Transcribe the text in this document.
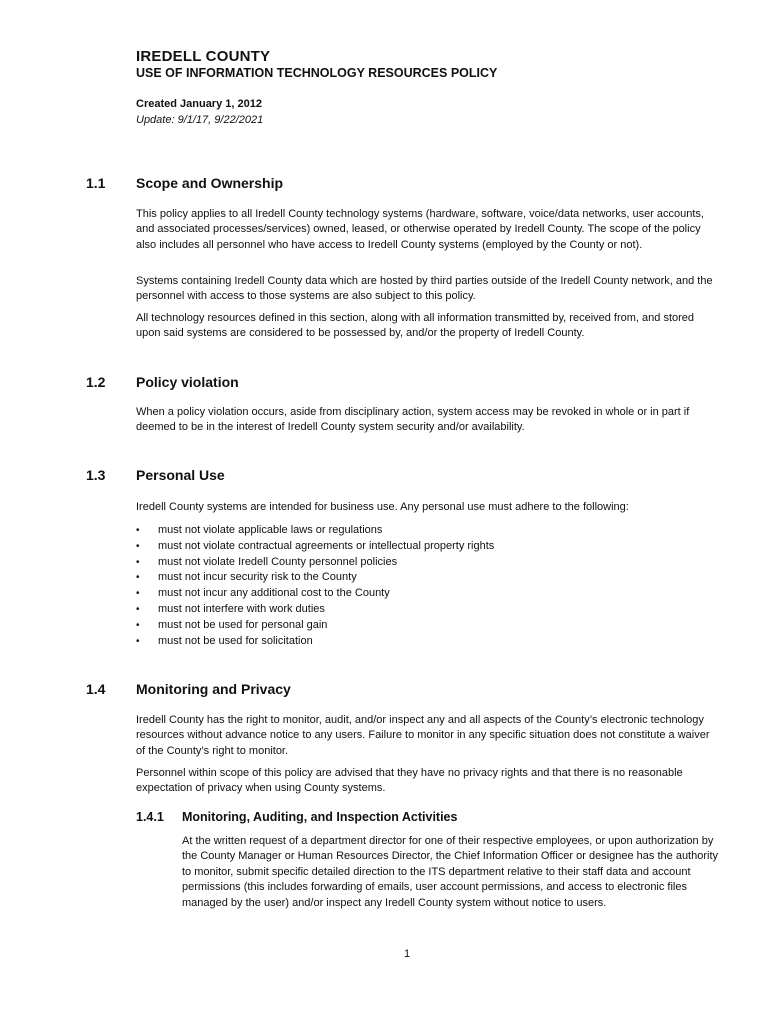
IREDELL COUNTY
USE OF INFORMATION TECHNOLOGY RESOURCES POLICY
Created January 1, 2012
Update: 9/1/17, 9/22/2021
1.1 Scope and Ownership

This policy applies to all Iredell County technology systems (hardware, software, voice/data networks, user accounts, and associated processes/services) owned, leased, or otherwise operated by Iredell County. The scope of the policy also includes all personnel who have access to Iredell County systems (employed by the County or not).

Systems containing Iredell County data which are hosted by third parties outside of the Iredell County network, and the personnel with access to those systems are also subject to this policy.

All technology resources defined in this section, along with all information transmitted by, received from, and stored upon said systems are considered to be possessed by, and/or the property of Iredell County.

1.2 Policy violation

When a policy violation occurs, aside from disciplinary action, system access may be revoked in whole or in part if deemed to be in the interest of Iredell County system security and/or availability.

1.3 Personal Use

Iredell County systems are intended for business use. Any personal use must adhere to the following:

• must not violate applicable laws or regulations
• must not violate contractual agreements or intellectual property rights
• must not violate Iredell County personnel policies
• must not incur security risk to the County
• must not incur any additional cost to the County
• must not interfere with work duties
• must not be used for personal gain
• must not be used for solicitation
1.4 Monitoring and Privacy

Iredell County has the right to monitor, audit, and/or inspect any and all aspects of the County’s electronic technology resources without advance notice to any users. Failure to monitor in any specific situation does not constitute a waiver of the County’s right to monitor.

Personnel within scope of this policy are advised that they have no privacy rights and that there is no reasonable expectation of privacy when using County systems.

1.4.1 Monitoring, Auditing, and Inspection Activities

At the written request of a department director for one of their respective employees, or upon authorization by the County Manager or Human Resources Director, the Chief Information Officer or designee has the authority to monitor, submit specific detailed direction to the ITS department relative to their staff data and account permissions (this includes forwarding of emails, user account permissions, and access to electronic files managed by the user) and/or inspect any Iredell County system without notice to users.

1
